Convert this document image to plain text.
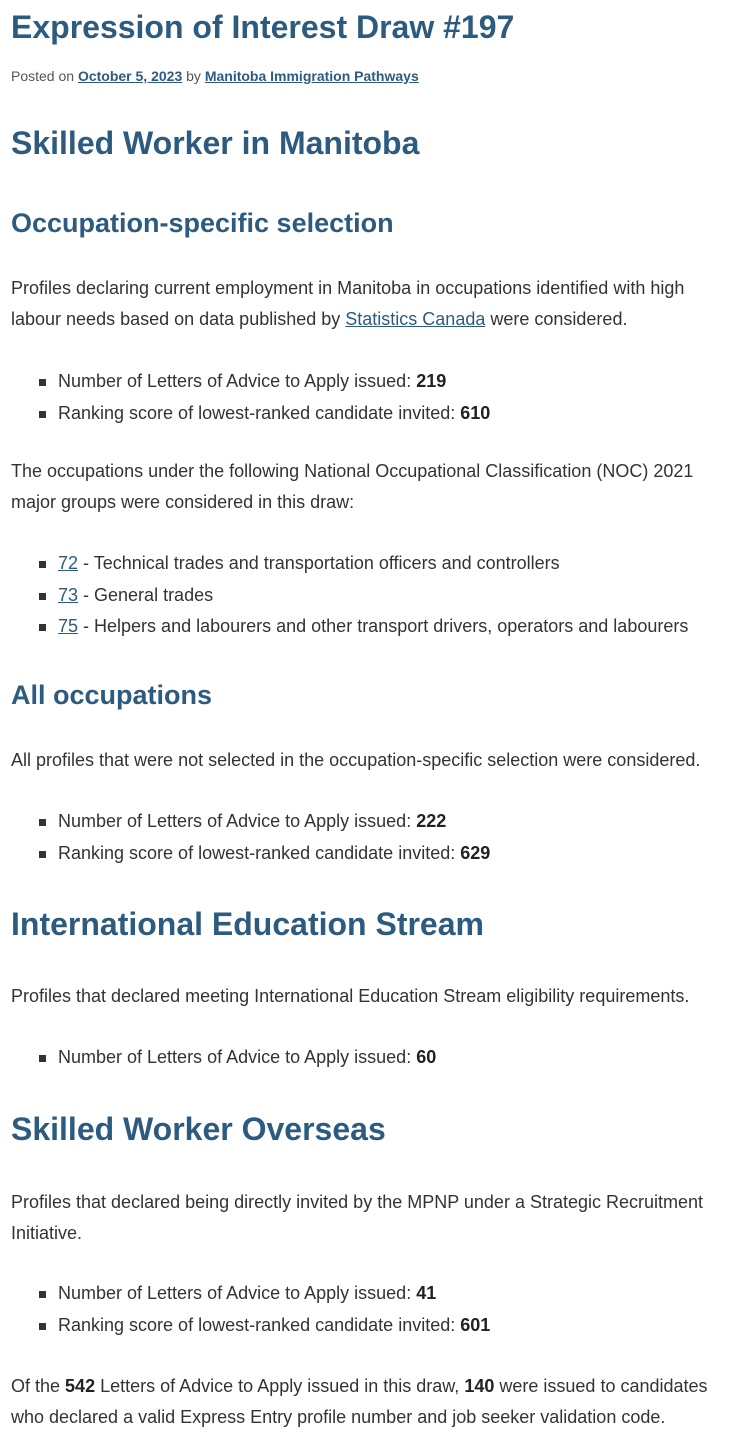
Expression of Interest Draw #197
Posted on October 5, 2023 by Manitoba Immigration Pathways
Skilled Worker in Manitoba
Occupation-specific selection

Profiles declaring current employment in Manitoba in occupations identified with high labour needs based on data published by Statistics Canada were considered.

Number of Letters of Advice to Apply issued: 219
Ranking score of lowest-ranked candidate invited: 610

The occupations under the following National Occupational Classification (NOC) 2021 major groups were considered in this draw:

72 - Technical trades and transportation officers and controllers
73 - General trades
75 - Helpers and labourers and other transport drivers, operators and labourers
All occupations

All profiles that were not selected in the occupation-specific selection were considered.

Number of Letters of Advice to Apply issued: 222
Ranking score of lowest-ranked candidate invited: 629
International Education Stream

Profiles that declared meeting International Education Stream eligibility requirements.

Number of Letters of Advice to Apply issued: 60
Skilled Worker Overseas

Profiles that declared being directly invited by the MPNP under a Strategic Recruitment Initiative.

Number of Letters of Advice to Apply issued: 41
Ranking score of lowest-ranked candidate invited: 601

Of the 542 Letters of Advice to Apply issued in this draw, 140 were issued to candidates who declared a valid Express Entry profile number and job seeker validation code.
